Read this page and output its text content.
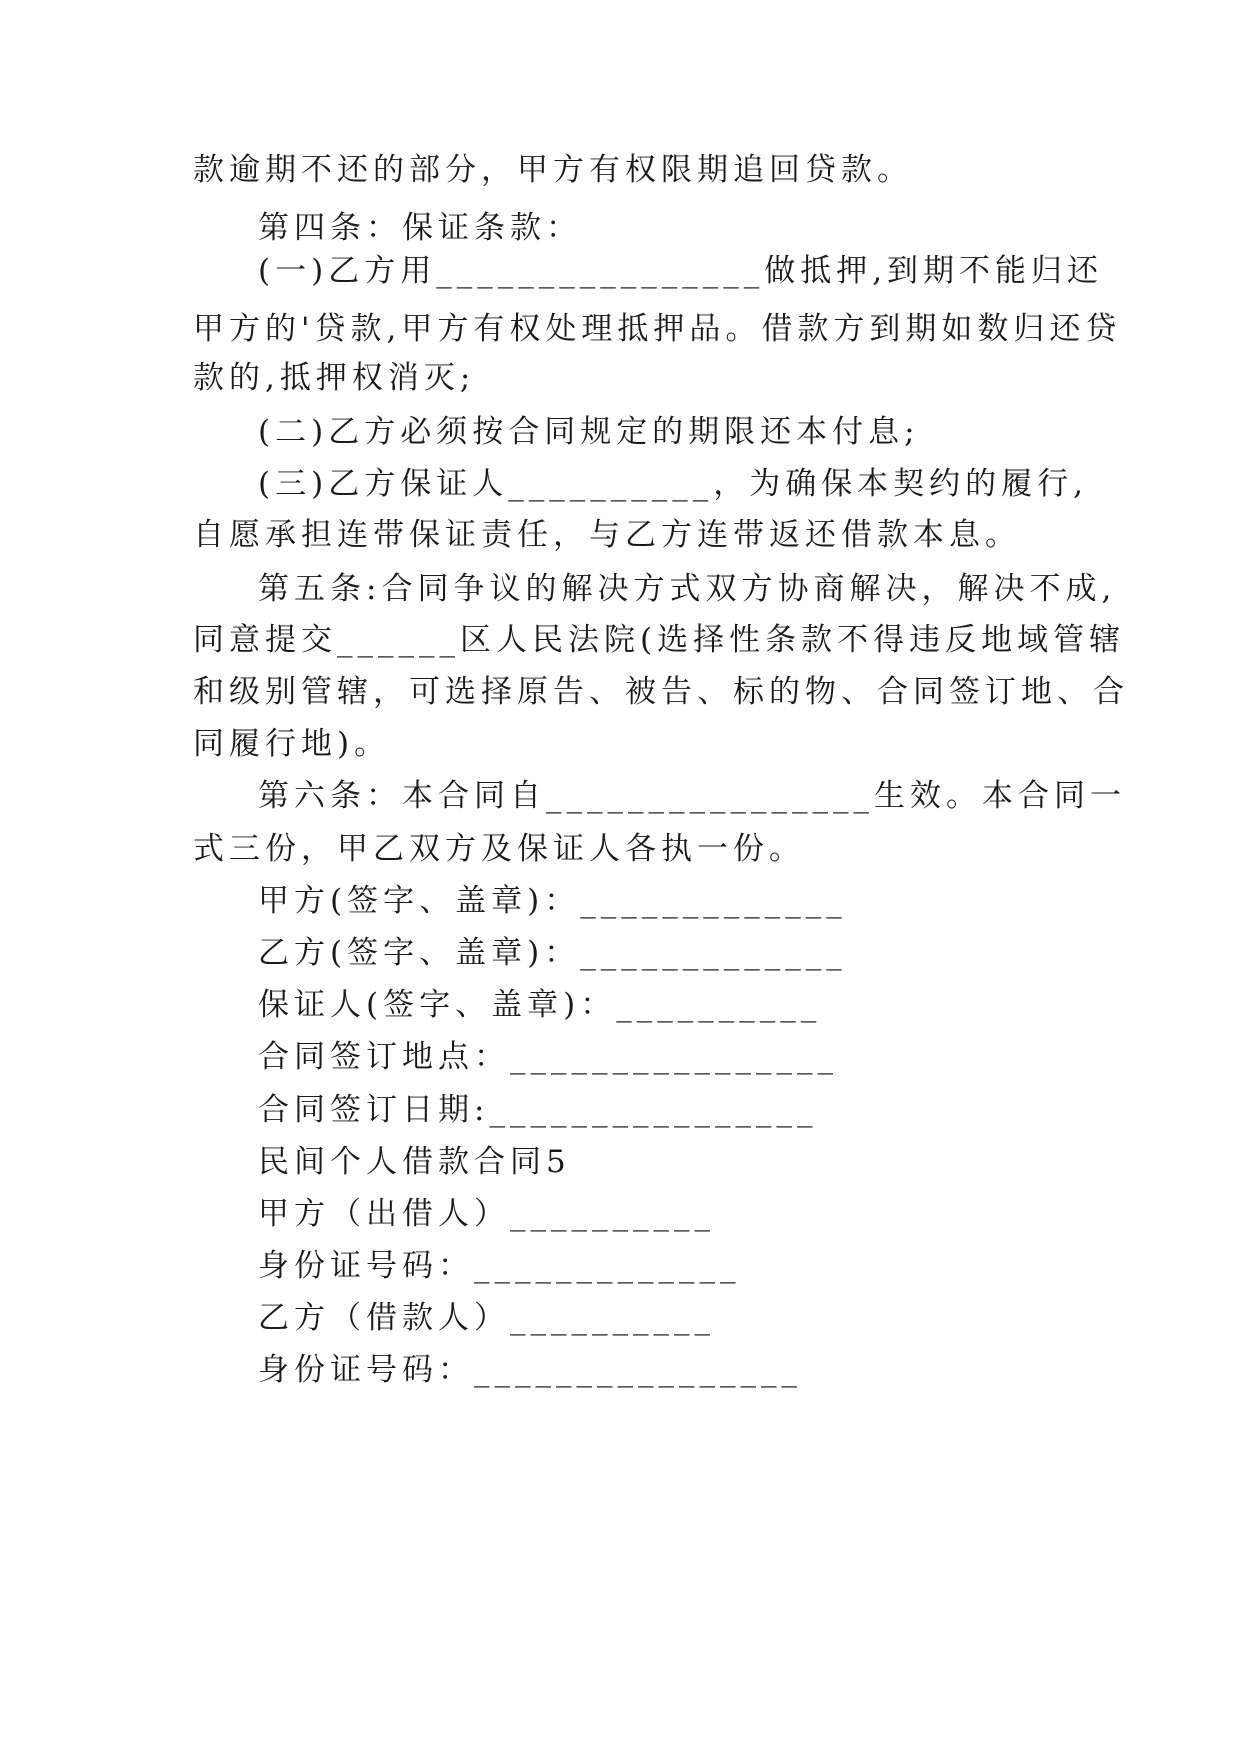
款逾期不还的部分，甲方有权限期追回贷款。
第四条：保证条款：
(一)乙方用________________做抵押,到期不能归还
甲方的'贷款,甲方有权处理抵押品。借款方到期如数归还贷
款的,抵押权消灭;
(二)乙方必须按合同规定的期限还本付息;
(三)乙方保证人__________，为确保本契约的履行,
自愿承担连带保证责任，与乙方连带返还借款本息。
第五条:合同争议的解决方式双方协商解决，解决不成,
同意提交______区人民法院(选择性条款不得违反地域管辖
和级别管辖，可选择原告、被告、标的物、合同签订地、合
同履行地)。
第六条：本合同自________________生效。本合同一
式三份，甲乙双方及保证人各执一份。
甲方(签字、盖章)：_____________
乙方(签字、盖章)：_____________
保证人(签字、盖章)：__________
合同签订地点：________________
合同签订日期:________________
民间个人借款合同5
甲方（出借人）__________
身份证号码：_____________
乙方（借款人）__________
身份证号码：________________
